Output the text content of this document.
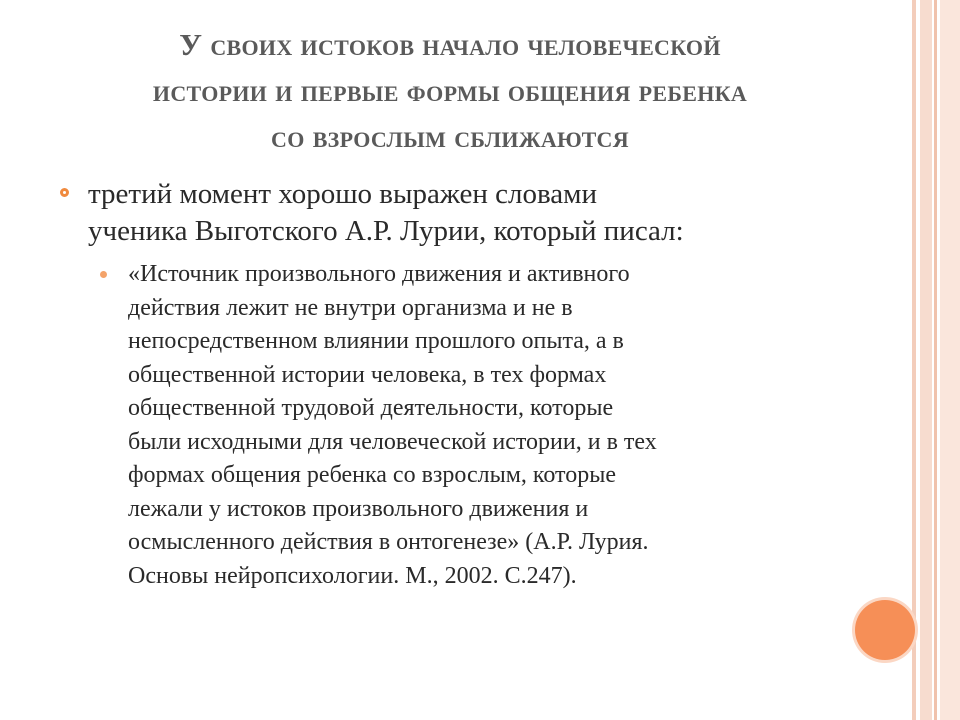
У своих истоков начало человеческой
истории и первые формы общения ребенка
со взрослым сближаются
третий момент хорошо выражен словами
ученика Выготского А.Р. Лурии, который писал:
«Источник произвольного движения и активного
действия лежит не внутри организма и не в
непосредственном влиянии прошлого опыта, а в
общественной истории человека, в тех формах
общественной трудовой деятельности, которые
были исходными для человеческой истории, и в тех
формах общения ребенка со взрослым, которые
лежали у истоков произвольного движения и
осмысленного действия в онтогенезе» (А.Р. Лурия.
Основы нейропсихологии. М., 2002. С.247).
